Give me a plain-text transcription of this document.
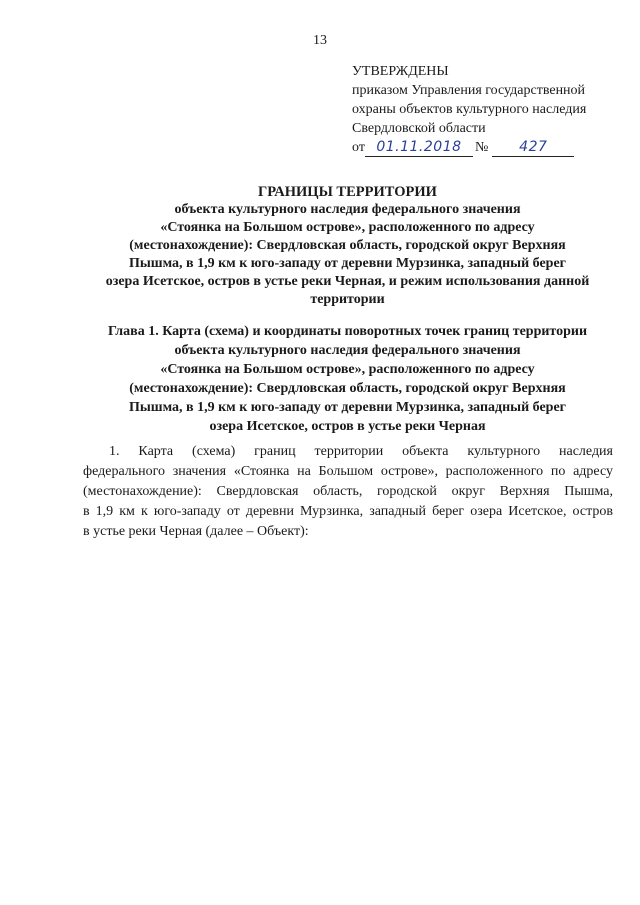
13
УТВЕРЖДЕНЫ
приказом Управления государственной
охраны объектов культурного наследия
Свердловской области
от 01.11.2018 №	427
ГРАНИЦЫ ТЕРРИТОРИИ
объекта культурного наследия федерального значения
«Стоянка на Большом острове», расположенного по адресу
(местонахождение): Свердловская область, городской округ Верхняя
Пышма, в 1,9 км к юго-западу от деревни Мурзинка, западный берег
озера Исетское, остров в устье реки Черная, и режим использования данной
территории
Глава 1. Карта (схема) и координаты поворотных точек границ территории
объекта культурного наследия федерального значения
«Стоянка на Большом острове», расположенного по адресу
(местонахождение): Свердловская область, городской округ Верхняя
Пышма, в 1,9 км к юго-западу от деревни Мурзинка, западный берег
озера Исетское, остров в устье реки Черная
1. Карта (схема) границ территории объекта культурного наследия
федерального значения «Стоянка на Большом острове», расположенного по адресу
(местонахождение): Свердловская область, городской округ Верхняя Пышма,
в 1,9 км к юго-западу от деревни Мурзинка, западный берег озера Исетское, остров
в устье реки Черная (далее – Объект):
